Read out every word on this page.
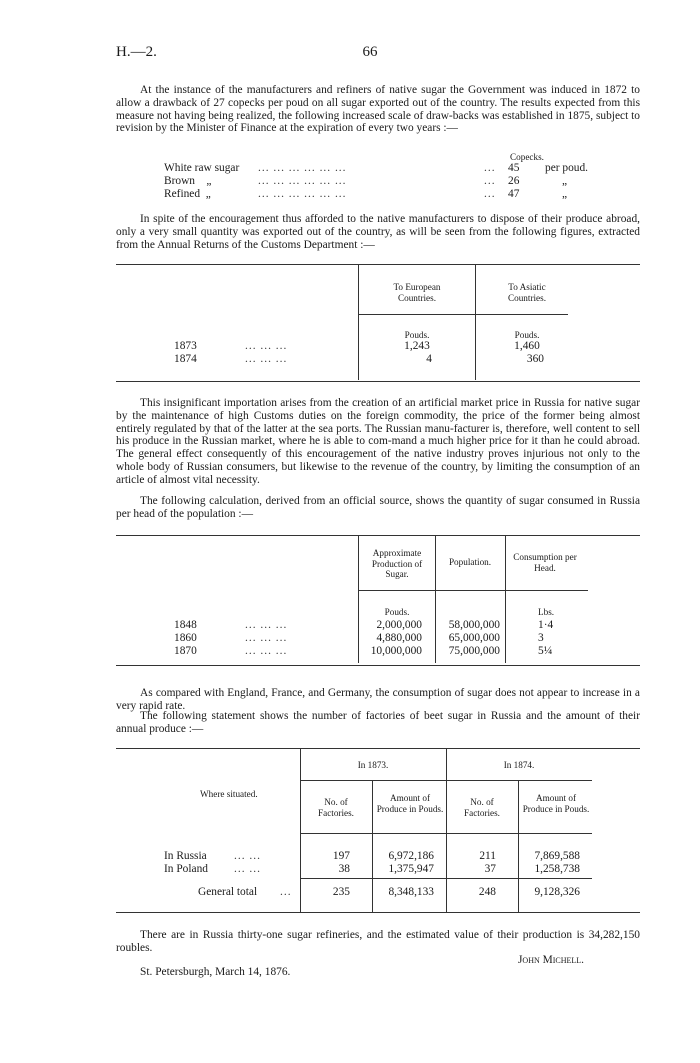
H.—2.	66

At the instance of the manufacturers and refiners of native sugar the Government was induced in 1872 to allow a drawback of 27 copecks per poud on all sugar exported out of the country. The results expected from this measure not having being realized, the following increased scale of draw-backs was established in 1875, subject to revision by the Minister of Finance at the expiration of every two years :—

Copecks.
White raw sugar ... ... ... ... ... ...	... 45 per poud.
Brown    „	... ... ... ... ... ...	... 26	„
Refined  „	... ... ... ... ... ...	... 47	„

In spite of the encouragement thus afforded to the native manufacturers to dispose of their produce abroad, only a very small quantity was exported out of the country, as will be seen from the following figures, extracted from the Annual Returns of the Customs Department :—

To European Countries.
To Asiatic Countries.
Pouds.	Pouds.
1873	... ... ...	1,243	1,460
1874	... ... ...	4	360

This insignificant importation arises from the creation of an artificial market price in Russia for native sugar by the maintenance of high Customs duties on the foreign commodity, the price of the former being almost entirely regulated by that of the latter at the sea ports. The Russian manu-facturer is, therefore, well content to sell his produce in the Russian market, where he is able to com-mand a much higher price for it than he could abroad. The general effect consequently of this encouragement of the native industry proves injurious not only to the whole body of Russian consumers, but likewise to the revenue of the country, by limiting the consumption of an article of almost vital necessity.

The following calculation, derived from an official source, shows the quantity of sugar consumed in Russia per head of the population :—

Approximate Production of Sugar.
Population.	Consumption per Head.
Pouds.	Lbs.
1848	... ... ...	2,000,000	58,000,000	1·4
1860	... ... ...	4,880,000	65,000,000	3
1870	... ... ...	10,000,000	75,000,000	5¼

As compared with England, France, and Germany, the consumption of sugar does not appear to increase in a very rapid rate.

The following statement shows the number of factories of beet sugar in Russia and the amount of their annual produce :—

In 1873.	In 1874.
Where situated.
No. of Factories.
Amount of Produce in Pouds.
No. of Factories.
Amount of Produce in Pouds.
In Russia ... ...	197	6,972,186	211	7,869,588
In Poland ... ...	38	1,375,947	37	1,258,738
General total ...	235	8,348,133	248	9,128,326

There are in Russia thirty-one sugar refineries, and the estimated value of their production is 34,282,150 roubles.

John Michell.
St. Petersburgh, March 14, 1876.
